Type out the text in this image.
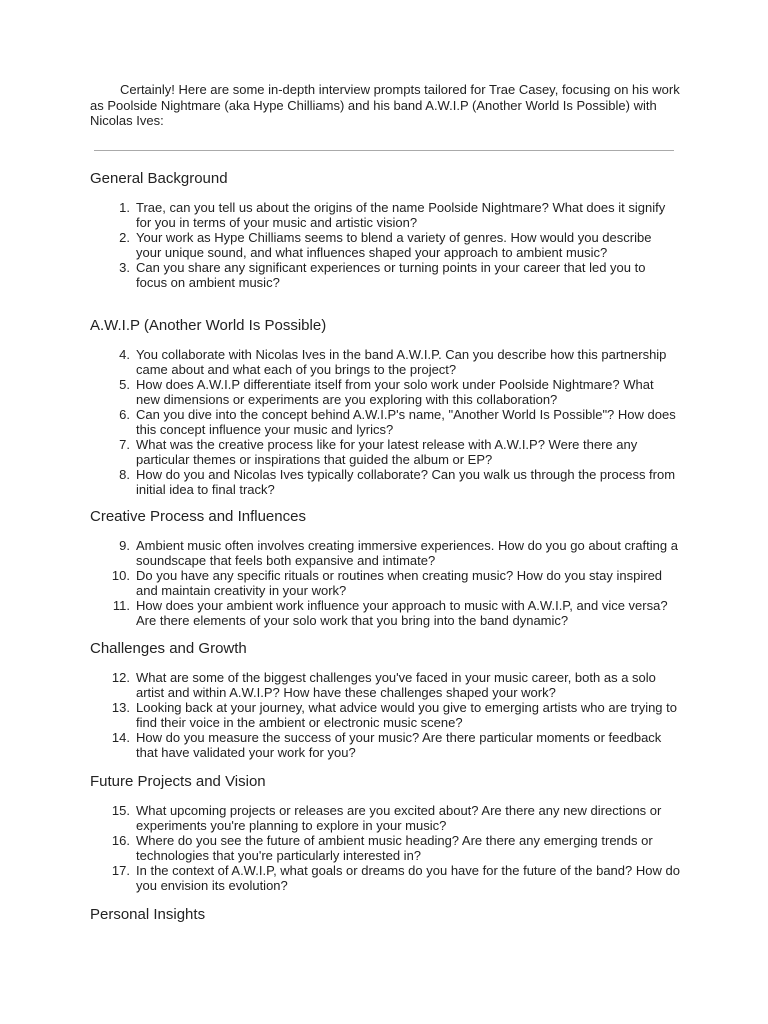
Certainly! Here are some in-depth interview prompts tailored for Trae Casey, focusing on his work as Poolside Nightmare (aka Hype Chilliams) and his band A.W.I.P (Another World Is Possible) with Nicolas Ives:

General Background
1. Trae, can you tell us about the origins of the name Poolside Nightmare? What does it signify for you in terms of your music and artistic vision?
2. Your work as Hype Chilliams seems to blend a variety of genres. How would you describe your unique sound, and what influences shaped your approach to ambient music?
3. Can you share any significant experiences or turning points in your career that led you to focus on ambient music?
A.W.I.P (Another World Is Possible)
4. You collaborate with Nicolas Ives in the band A.W.I.P. Can you describe how this partnership came about and what each of you brings to the project?
5. How does A.W.I.P differentiate itself from your solo work under Poolside Nightmare? What new dimensions or experiments are you exploring with this collaboration?
6. Can you dive into the concept behind A.W.I.P's name, "Another World Is Possible"? How does this concept influence your music and lyrics?
7. What was the creative process like for your latest release with A.W.I.P? Were there any particular themes or inspirations that guided the album or EP?
8. How do you and Nicolas Ives typically collaborate? Can you walk us through the process from initial idea to final track?
Creative Process and Influences
9. Ambient music often involves creating immersive experiences. How do you go about crafting a soundscape that feels both expansive and intimate?
10. Do you have any specific rituals or routines when creating music? How do you stay inspired and maintain creativity in your work?
11. How does your ambient work influence your approach to music with A.W.I.P, and vice versa? Are there elements of your solo work that you bring into the band dynamic?
Challenges and Growth
12. What are some of the biggest challenges you've faced in your music career, both as a solo artist and within A.W.I.P? How have these challenges shaped your work?
13. Looking back at your journey, what advice would you give to emerging artists who are trying to find their voice in the ambient or electronic music scene?
14. How do you measure the success of your music? Are there particular moments or feedback that have validated your work for you?
Future Projects and Vision
15. What upcoming projects or releases are you excited about? Are there any new directions or experiments you're planning to explore in your music?
16. Where do you see the future of ambient music heading? Are there any emerging trends or technologies that you're particularly interested in?
17. In the context of A.W.I.P, what goals or dreams do you have for the future of the band? How do you envision its evolution?
Personal Insights
